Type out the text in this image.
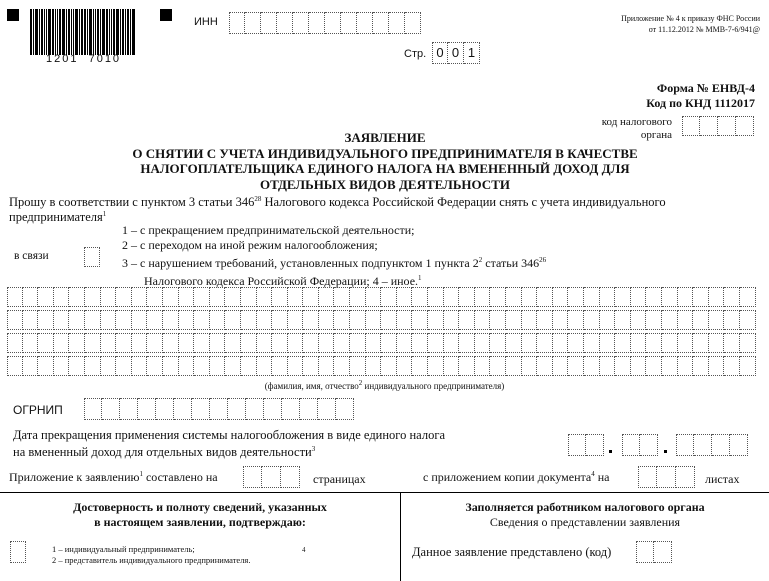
1201  7010
ИНН
Стр. 0 0 1
Приложение № 4 к приказу ФНС России
от 11.12.2012 № ММВ-7-6/941@
Форма № ЕНВД-4
Код по КНД 1112017
код налогового
органа
ЗАЯВЛЕНИЕ
О СНЯТИИ С УЧЕТА ИНДИВИДУАЛЬНОГО ПРЕДПРИНИМАТЕЛЯ В КАЧЕСТВЕ
НАЛОГОПЛАТЕЛЬЩИКА ЕДИНОГО НАЛОГА НА ВМЕНЕННЫЙ ДОХОД ДЛЯ
ОТДЕЛЬНЫХ ВИДОВ ДЕЯТЕЛЬНОСТИ
Прошу в соответствии с пунктом 3 статьи $346^{28}$ Налогового кодекса Российской Федерации снять с учета индивидуального
предпринимателя$^1$
в связи
1 – с прекращением предпринимательской деятельности;
2 – с переходом на иной режим налогообложения;
3 – с нарушением требований, установленных подпунктом 1 пункта $2^2$ статьи $346^{26}$
Налогового кодекса Российской Федерации; 4 – иное.$^1$
(фамилия, имя, отчество$^2$ индивидуального предпринимателя)
ОГРНИП
Дата прекращения применения системы налогообложения в виде единого налога
на вмененный доход для отдельных видов деятельности$^3$
Приложение к заявлению$^1$ составлено на	страницах	с приложением копии документа$^4$ на	листах
Достоверность и полноту сведений, указанных
в настоящем заявлении, подтверждаю:
1 – индивидуальный предприниматель;
2 – представитель индивидуального предпринимателя.
4
Заполняется работником налогового органа
Сведения о представлении заявления
Данное заявление представлено (код)
